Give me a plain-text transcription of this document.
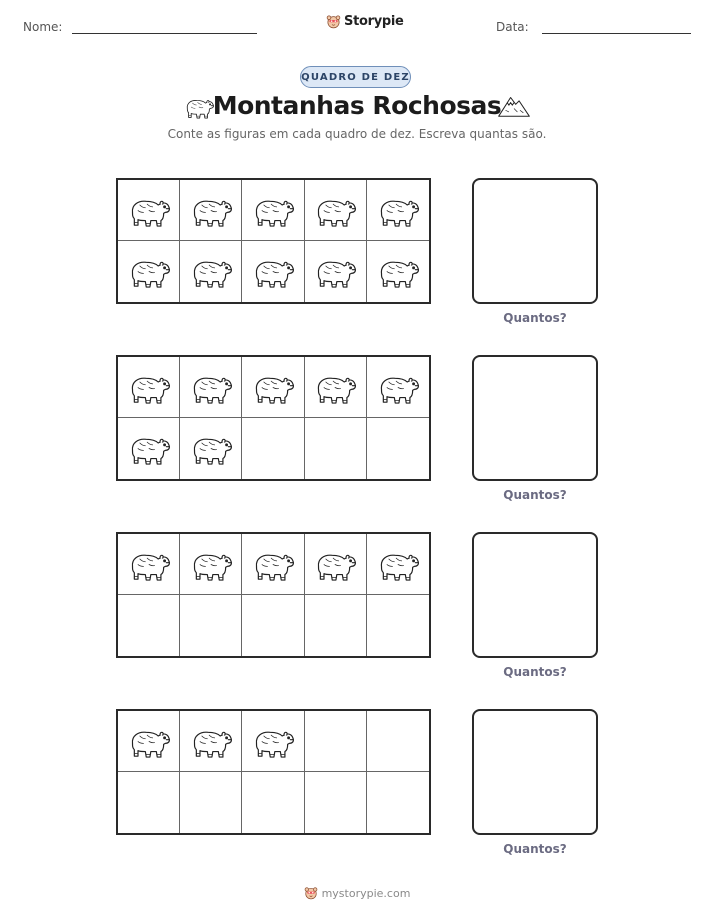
Nome:	Storypie	Data:
QUADRO DE DEZ
Montanhas Rochosas
Conte as figuras em cada quadro de dez. Escreva quantas são.
Quantos?
Quantos?
Quantos?
Quantos?
mystorypie.com
